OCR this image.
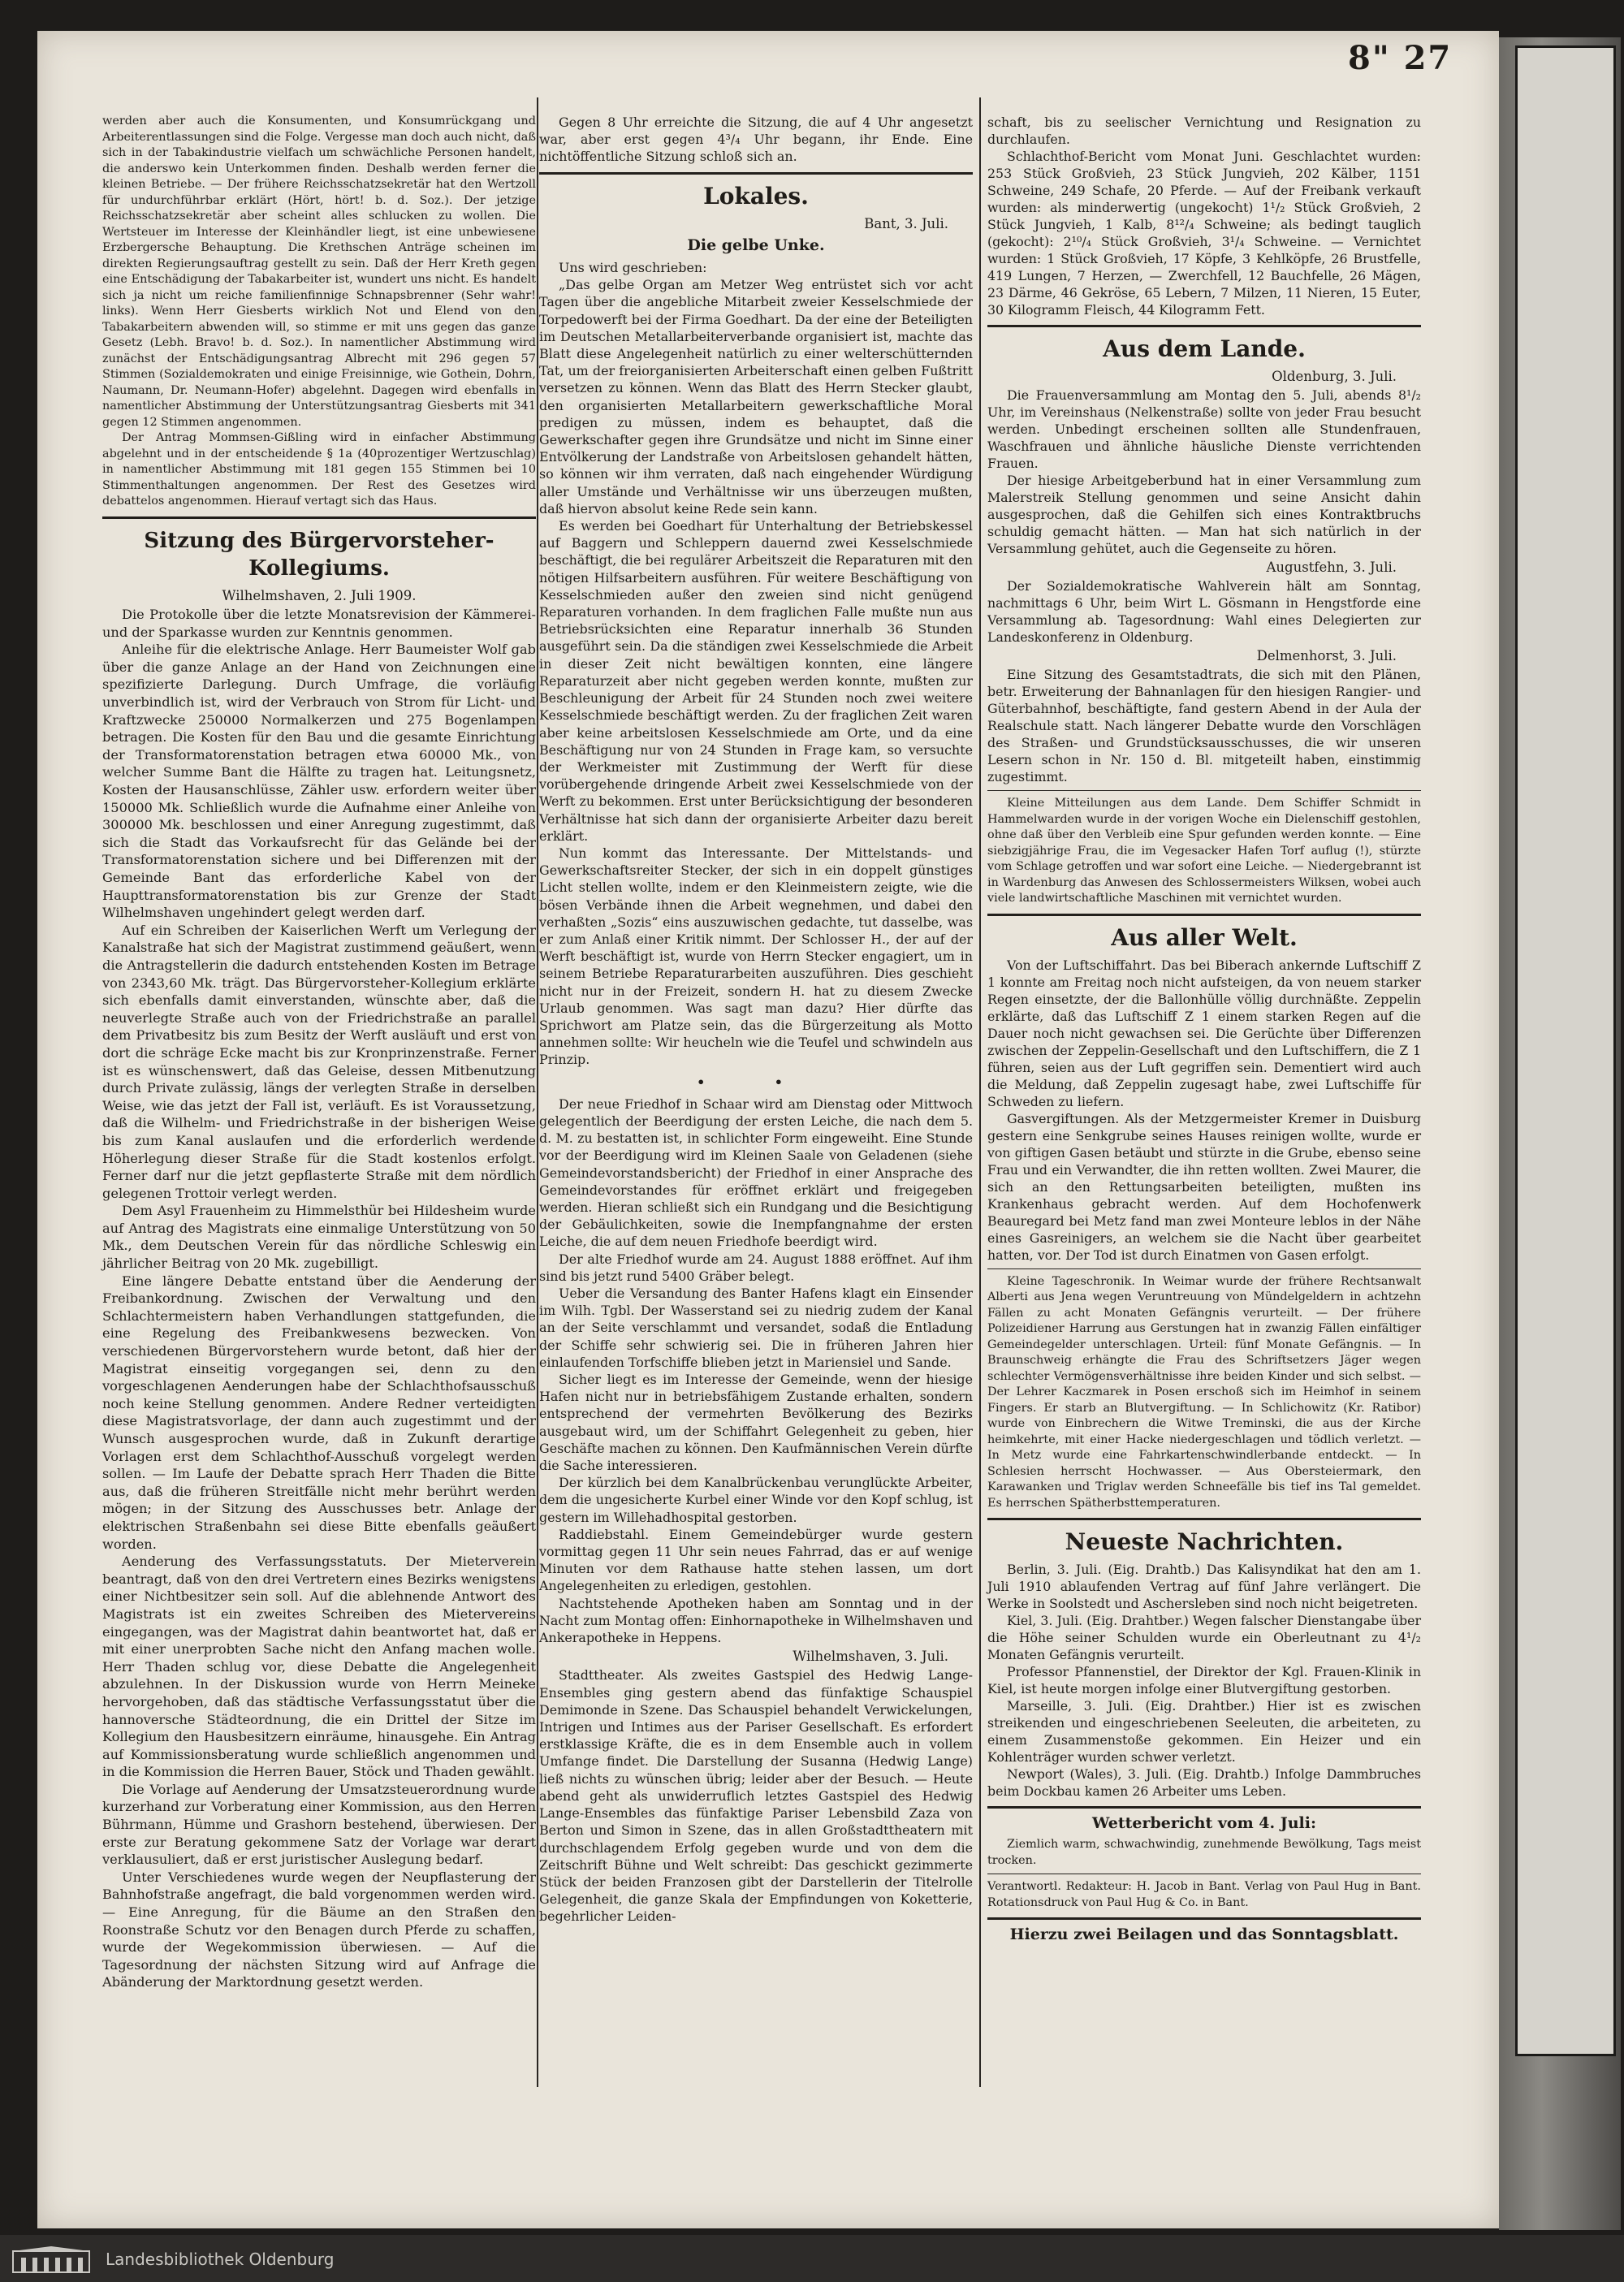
8" 27
werden aber auch die Konsumenten, und Konsumrückgang und Arbeiterentlassungen sind die Folge. Vergesse man doch auch nicht, daß sich in der Tabakindustrie vielfach um schwächliche Personen handelt, die anderswo kein Unterkommen finden. Deshalb werden ferner die kleinen Betriebe. — Der frühere Reichsschatzsekretär hat den Wertzoll für undurchführbar erklärt (Hört, hört! b. d. Soz.). Der jetzige Reichsschatzsekretär aber scheint alles schlucken zu wollen. Die Wertsteuer im Interesse der Kleinhändler liegt, ist eine unbewiesene Erzbergersche Behauptung. Die Krethschen Anträge scheinen im direkten Regierungsauftrag gestellt zu sein. Daß der Herr Kreth gegen eine Entschädigung der Tabakarbeiter ist, wundert uns nicht. Es handelt sich ja nicht um reiche familienfinnige Schnapsbrenner (Sehr wahr! links). Wenn Herr Giesberts wirklich Not und Elend von den Tabakarbeitern abwenden will, so stimme er mit uns gegen das ganze Gesetz (Lebh. Bravo! b. d. Soz.). In namentlicher Abstimmung wird zunächst der Entschädigungsantrag Albrecht mit 296 gegen 57 Stimmen (Sozialdemokraten und einige Freisinnige, wie Gothein, Dohrn, Naumann, Dr. Neumann-Hofer) abgelehnt. Dagegen wird ebenfalls in namentlicher Abstimmung der Unterstützungsantrag Giesberts mit 341 gegen 12 Stimmen angenommen.
Der Antrag Mommsen-Gißling wird in einfacher Abstimmung abgelehnt und in der entscheidende § 1a (40prozentiger Wertzuschlag) in namentlicher Abstimmung mit 181 gegen 155 Stimmen bei 10 Stimmenthaltungen angenommen. Der Rest des Gesetzes wird debattelos angenommen. Hierauf vertagt sich das Haus.
Sitzung des Bürgervorsteher-Kollegiums.
Wilhelmshaven, 2. Juli 1909.

Die Protokolle über die letzte Monatsrevision der Kämmerei- und der Sparkasse wurden zur Kenntnis genommen.

Anleihe für die elektrische Anlage. Herr Baumeister Wolf gab über die ganze Anlage an der Hand von Zeichnungen eine spezifizierte Darlegung. Durch Umfrage, die vorläufig unverbindlich ist, wird der Verbrauch von Strom für Licht- und Kraftzwecke 250000 Normalkerzen und 275 Bogenlampen betragen. Die Kosten für den Bau und die gesamte Einrichtung der Transformatorenstation betragen etwa 60000 Mk., von welcher Summe Bant die Hälfte zu tragen hat. Leitungsnetz, Kosten der Hausanschlüsse, Zähler usw. erfordern weiter über 150000 Mk. Schließlich wurde die Aufnahme einer Anleihe von 300000 Mk. beschlossen und einer Anregung zugestimmt, daß sich die Stadt das Vorkaufsrecht für das Gelände bei der Transformatorenstation sichere und bei Differenzen mit der Gemeinde Bant das erforderliche Kabel von der Haupttransformatorenstation bis zur Grenze der Stadt Wilhelmshaven ungehindert gelegt werden darf.

Auf ein Schreiben der Kaiserlichen Werft um Verlegung der Kanalstraße hat sich der Magistrat zustimmend geäußert, wenn die Antragstellerin die dadurch entstehenden Kosten im Betrage von 2343,60 Mk. trägt. Das Bürgervorsteher-Kollegium erklärte sich ebenfalls damit einverstanden, wünschte aber, daß die neuverlegte Straße auch von der Friedrichstraße an parallel dem Privatbesitz bis zum Besitz der Werft ausläuft und erst von dort die schräge Ecke macht bis zur Kronprinzenstraße. Ferner ist es wünschenswert, daß das Geleise, dessen Mitbenutzung durch Private zulässig, längs der verlegten Straße in derselben Weise, wie das jetzt der Fall ist, verläuft. Es ist Voraussetzung, daß die Wilhelm- und Friedrichstraße in der bisherigen Weise bis zum Kanal auslaufen und die erforderlich werdende Höherlegung dieser Straße für die Stadt kostenlos erfolgt. Ferner darf nur die jetzt gepflasterte Straße mit dem nördlich gelegenen Trottoir verlegt werden.

Dem Asyl Frauenheim zu Himmelsthür bei Hildesheim wurde auf Antrag des Magistrats eine einmalige Unterstützung von 50 Mk., dem Deutschen Verein für das nördliche Schleswig ein jährlicher Beitrag von 20 Mk. zugebilligt.

Eine längere Debatte entstand über die Aenderung der Freibankordnung. Zwischen der Verwaltung und den Schlachtermeistern haben Verhandlungen stattgefunden, die eine Regelung des Freibankwesens bezwecken. Von verschiedenen Bürgervorstehern wurde betont, daß hier der Magistrat einseitig vorgegangen sei, denn zu den vorgeschlagenen Aenderungen habe der Schlachthofsausschuß noch keine Stellung genommen. Andere Redner verteidigten diese Magistratsvorlage, der dann auch zugestimmt und der Wunsch ausgesprochen wurde, daß in Zukunft derartige Vorlagen erst dem Schlachthof-Ausschuß vorgelegt werden sollen. — Im Laufe der Debatte sprach Herr Thaden die Bitte aus, daß die früheren Streitfälle nicht mehr berührt werden mögen; in der Sitzung des Ausschusses betr. Anlage der elektrischen Straßenbahn sei diese Bitte ebenfalls geäußert worden.

Aenderung des Verfassungsstatuts. Der Mieterverein beantragt, daß von den drei Vertretern eines Bezirks wenigstens einer Nichtbesitzer sein soll. Auf die ablehnende Antwort des Magistrats ist ein zweites Schreiben des Mietervereins eingegangen, was der Magistrat dahin beantwortet hat, daß er mit einer unerprobten Sache nicht den Anfang machen wolle. Herr Thaden schlug vor, diese Debatte die Angelegenheit abzulehnen. In der Diskussion wurde von Herrn Meineke hervorgehoben, daß das städtische Verfassungsstatut über die hannoversche Städteordnung, die ein Drittel der Sitze im Kollegium den Hausbesitzern einräume, hinausgehe. Ein Antrag auf Kommissionsberatung wurde schließlich angenommen und in die Kommission die Herren Bauer, Stöck und Thaden gewählt.

Die Vorlage auf Aenderung der Umsatzsteuerordnung wurde kurzerhand zur Vorberatung einer Kommission, aus den Herren Bührmann, Hümme und Grashorn bestehend, überwiesen. Der erste zur Beratung gekommene Satz der Vorlage war derart verklausuliert, daß er erst juristischer Auslegung bedarf.

Unter Verschiedenes wurde wegen der Neupflasterung der Bahnhofstraße angefragt, die bald vorgenommen werden wird. — Eine Anregung, für die Bäume an den Straßen den Roonstraße Schutz vor den Benagen durch Pferde zu schaffen, wurde der Wegekommission überwiesen. — Auf die Tagesordnung der nächsten Sitzung wird auf Anfrage die Abänderung der Marktordnung gesetzt werden.

Gegen 8 Uhr erreichte die Sitzung, die auf 4 Uhr angesetzt war, aber erst gegen 4³/₄ Uhr begann, ihr Ende. Eine nichtöffentliche Sitzung schloß sich an.

Lokales.
Bant, 3. Juli.
Die gelbe Unke.

Uns wird geschrieben:

„Das gelbe Organ am Metzer Weg entrüstet sich vor acht Tagen über die angebliche Mitarbeit zweier Kesselschmiede der Torpedowerft bei der Firma Goedhart. Da der eine der Beteiligten im Deutschen Metallarbeiterverbande organisiert ist, machte das Blatt diese Angelegenheit natürlich zu einer welterschütternden Tat, um der freiorganisierten Arbeiterschaft einen gelben Fußtritt versetzen zu können. Wenn das Blatt des Herrn Stecker glaubt, den organisierten Metallarbeitern gewerkschaftliche Moral predigen zu müssen, indem es behauptet, daß die Gewerkschafter gegen ihre Grundsätze und nicht im Sinne einer Entvölkerung der Landstraße von Arbeitslosen gehandelt hätten, so können wir ihm verraten, daß nach eingehender Würdigung aller Umstände und Verhältnisse wir uns überzeugen mußten, daß hiervon absolut keine Rede sein kann.

Es werden bei Goedhart für Unterhaltung der Betriebskessel auf Baggern und Schleppern dauernd zwei Kesselschmiede beschäftigt, die bei regulärer Arbeitszeit die Reparaturen mit den nötigen Hilfsarbeitern ausführen. Für weitere Beschäftigung von Kesselschmieden außer den zweien sind nicht genügend Reparaturen vorhanden. In dem fraglichen Falle mußte nun aus Betriebsrücksichten eine Reparatur innerhalb 36 Stunden ausgeführt sein. Da die ständigen zwei Kesselschmiede die Arbeit in dieser Zeit nicht bewältigen konnten, eine längere Reparaturzeit aber nicht gegeben werden konnte, mußten zur Beschleunigung der Arbeit für 24 Stunden noch zwei weitere Kesselschmiede beschäftigt werden. Zu der fraglichen Zeit waren aber keine arbeitslosen Kesselschmiede am Orte, und da eine Beschäftigung nur von 24 Stunden in Frage kam, so versuchte der Werkmeister mit Zustimmung der Werft für diese vorübergehende dringende Arbeit zwei Kesselschmiede von der Werft zu bekommen. Erst unter Berücksichtigung der besonderen Verhältnisse hat sich dann der organisierte Arbeiter dazu bereit erklärt.

Nun kommt das Interessante. Der Mittelstands- und Gewerkschaftsreiter Stecker, der sich in ein doppelt günstiges Licht stellen wollte, indem er den Kleinmeistern zeigte, wie die bösen Verbände ihnen die Arbeit wegnehmen, und dabei den verhaßten „Sozis“ eins auszuwischen gedachte, tut dasselbe, was er zum Anlaß einer Kritik nimmt. Der Schlosser H., der auf der Werft beschäftigt ist, wurde von Herrn Stecker engagiert, um in seinem Betriebe Reparaturarbeiten auszuführen. Dies geschieht nicht nur in der Freizeit, sondern H. hat zu diesem Zwecke Urlaub genommen. Was sagt man dazu? Hier dürfte das Sprichwort am Platze sein, das die Bürgerzeitung als Motto annehmen sollte: Wir heucheln wie die Teufel und schwindeln aus Prinzip.

• •

Der neue Friedhof in Schaar wird am Dienstag oder Mittwoch gelegentlich der Beerdigung der ersten Leiche, die nach dem 5. d. M. zu bestatten ist, in schlichter Form eingeweiht. Eine Stunde vor der Beerdigung wird im Kleinen Saale von Geladenen (siehe Gemeindevorstandsbericht) der Friedhof in einer Ansprache des Gemeindevorstandes für eröffnet erklärt und freigegeben werden. Hieran schließt sich ein Rundgang und die Besichtigung der Gebäulichkeiten, sowie die Inempfangnahme der ersten Leiche, die auf dem neuen Friedhofe beerdigt wird.

Der alte Friedhof wurde am 24. August 1888 eröffnet. Auf ihm sind bis jetzt rund 5400 Gräber belegt.

Ueber die Versandung des Banter Hafens klagt ein Einsender im Wilh. Tgbl. Der Wasserstand sei zu niedrig zudem der Kanal an der Seite verschlammt und versandet, sodaß die Entladung der Schiffe sehr schwierig sei. Die in früheren Jahren hier einlaufenden Torfschiffe blieben jetzt in Mariensiel und Sande.

Sicher liegt es im Interesse der Gemeinde, wenn der hiesige Hafen nicht nur in betriebsfähigem Zustande erhalten, sondern entsprechend der vermehrten Bevölkerung des Bezirks ausgebaut wird, um der Schiffahrt Gelegenheit zu geben, hier Geschäfte machen zu können. Den Kaufmännischen Verein dürfte die Sache interessieren.

Der kürzlich bei dem Kanalbrückenbau verunglückte Arbeiter, dem die ungesicherte Kurbel einer Winde vor den Kopf schlug, ist gestern im Willehadhospital gestorben.

Raddiebstahl. Einem Gemeindebürger wurde gestern vormittag gegen 11 Uhr sein neues Fahrrad, das er auf wenige Minuten vor dem Rathause hatte stehen lassen, um dort Angelegenheiten zu erledigen, gestohlen.

Nachtstehende Apotheken haben am Sonntag und in der Nacht zum Montag offen: Einhornapotheke in Wilhelmshaven und Ankerapotheke in Heppens.

Wilhelmshaven, 3. Juli.

Stadttheater. Als zweites Gastspiel des Hedwig Lange-Ensembles ging gestern abend das fünfaktige Schauspiel Demimonde in Szene. Das Schauspiel behandelt Verwickelungen, Intrigen und Intimes aus der Pariser Gesellschaft. Es erfordert erstklassige Kräfte, die es in dem Ensemble auch in vollem Umfange findet. Die Darstellung der Susanna (Hedwig Lange) ließ nichts zu wünschen übrig; leider aber der Besuch. — Heute abend geht als unwiderruflich letztes Gastspiel des Hedwig Lange-Ensembles das fünfaktige Pariser Lebensbild Zaza von Berton und Simon in Szene, das in allen Großstadttheatern mit durchschlagendem Erfolg gegeben wurde und von dem die Zeitschrift Bühne und Welt schreibt: Das geschickt gezimmerte Stück der beiden Franzosen gibt der Darstellerin der Titelrolle Gelegenheit, die ganze Skala der Empfindungen von Koketterie, begehrlicher Leiden-

schaft, bis zu seelischer Vernichtung und Resignation zu durchlaufen.

Schlachthof-Bericht vom Monat Juni. Geschlachtet wurden: 253 Stück Großvieh, 23 Stück Jungvieh, 202 Kälber, 1151 Schweine, 249 Schafe, 20 Pferde. — Auf der Freibank verkauft wurden: als minderwertig (ungekocht) 1¹/₂ Stück Großvieh, 2 Stück Jungvieh, 1 Kalb, 8¹²/₄ Schweine; als bedingt tauglich (gekocht): 2¹⁰/₄ Stück Großvieh, 3¹/₄ Schweine. — Vernichtet wurden: 1 Stück Großvieh, 17 Köpfe, 3 Kehlköpfe, 26 Brustfelle, 419 Lungen, 7 Herzen, — Zwerchfell, 12 Bauchfelle, 26 Mägen, 23 Därme, 46 Gekröse, 65 Lebern, 7 Milzen, 11 Nieren, 15 Euter, 30 Kilogramm Fleisch, 44 Kilogramm Fett.

Aus dem Lande.
Oldenburg, 3. Juli.

Die Frauenversammlung am Montag den 5. Juli, abends 8¹/₂ Uhr, im Vereinshaus (Nelkenstraße) sollte von jeder Frau besucht werden. Unbedingt erscheinen sollten alle Stundenfrauen, Waschfrauen und ähnliche häusliche Dienste verrichtenden Frauen.

Der hiesige Arbeitgeberbund hat in einer Versammlung zum Malerstreik Stellung genommen und seine Ansicht dahin ausgesprochen, daß die Gehilfen sich eines Kontraktbruchs schuldig gemacht hätten. — Man hat sich natürlich in der Versammlung gehütet, auch die Gegenseite zu hören.

Augustfehn, 3. Juli.

Der Sozialdemokratische Wahlverein hält am Sonntag, nachmittags 6 Uhr, beim Wirt L. Gösmann in Hengstforde eine Versammlung ab. Tagesordnung: Wahl eines Delegierten zur Landeskonferenz in Oldenburg.

Delmenhorst, 3. Juli.

Eine Sitzung des Gesamtstadtrats, die sich mit den Plänen, betr. Erweiterung der Bahnanlagen für den hiesigen Rangier- und Güterbahnhof, beschäftigte, fand gestern Abend in der Aula der Realschule statt. Nach längerer Debatte wurde den Vorschlägen des Straßen- und Grundstücksausschusses, die wir unseren Lesern schon in Nr. 150 d. Bl. mitgeteilt haben, einstimmig zugestimmt.

Kleine Mitteilungen aus dem Lande. Dem Schiffer Schmidt in Hammelwarden wurde in der vorigen Woche ein Dielenschiff gestohlen, ohne daß über den Verbleib eine Spur gefunden werden konnte. — Eine siebzigjährige Frau, die im Vegesacker Hafen Torf auflug (!), stürzte vom Schlage getroffen und war sofort eine Leiche. — Niedergebrannt ist in Wardenburg das Anwesen des Schlossermeisters Wilksen, wobei auch viele landwirtschaftliche Maschinen mit vernichtet wurden.

Aus aller Welt.

Von der Luftschiffahrt. Das bei Biberach ankernde Luftschiff Z 1 konnte am Freitag noch nicht aufsteigen, da von neuem starker Regen einsetzte, der die Ballonhülle völlig durchnäßte. Zeppelin erklärte, daß das Luftschiff Z 1 einem starken Regen auf die Dauer noch nicht gewachsen sei. Die Gerüchte über Differenzen zwischen der Zeppelin-Gesellschaft und den Luftschiffern, die Z 1 führen, seien aus der Luft gegriffen sein. Dementiert wird auch die Meldung, daß Zeppelin zugesagt habe, zwei Luftschiffe für Schweden zu liefern.

Gasvergiftungen. Als der Metzgermeister Kremer in Duisburg gestern eine Senkgrube seines Hauses reinigen wollte, wurde er von giftigen Gasen betäubt und stürzte in die Grube, ebenso seine Frau und ein Verwandter, die ihn retten wollten. Zwei Maurer, die sich an den Rettungsarbeiten beteiligten, mußten ins Krankenhaus gebracht werden. Auf dem Hochofenwerk Beauregard bei Metz fand man zwei Monteure leblos in der Nähe eines Gasreinigers, an welchem sie die Nacht über gearbeitet hatten, vor. Der Tod ist durch Einatmen von Gasen erfolgt.

Kleine Tageschronik. In Weimar wurde der frühere Rechtsanwalt Alberti aus Jena wegen Veruntreuung von Mündelgeldern in achtzehn Fällen zu acht Monaten Gefängnis verurteilt. — Der frühere Polizeidiener Harrung aus Gerstungen hat in zwanzig Fällen einfältiger Gemeindegelder unterschlagen. Urteil: fünf Monate Gefängnis. — In Braunschweig erhängte die Frau des Schriftsetzers Jäger wegen schlechter Vermögensverhältnisse ihre beiden Kinder und sich selbst. — Der Lehrer Kaczmarek in Posen erschoß sich im Heimhof in seinem Fingers. Er starb an Blutvergiftung. — In Schlichowitz (Kr. Ratibor) wurde von Einbrechern die Witwe Treminski, die aus der Kirche heimkehrte, mit einer Hacke niedergeschlagen und tödlich verletzt. — In Metz wurde eine Fahrkartenschwindlerbande entdeckt. — In Schlesien herrscht Hochwasser. — Aus Obersteiermark, den Karawanken und Triglav werden Schneefälle bis tief ins Tal gemeldet. Es herrschen Spätherbsttemperaturen.

Neueste Nachrichten.

Berlin, 3. Juli. (Eig. Drahtb.) Das Kalisyndikat hat den am 1. Juli 1910 ablaufenden Vertrag auf fünf Jahre verlängert. Die Werke in Soolstedt und Aschersleben sind noch nicht beigetreten.

Kiel, 3. Juli. (Eig. Drahtber.) Wegen falscher Dienstangabe über die Höhe seiner Schulden wurde ein Oberleutnant zu 4¹/₂ Monaten Gefängnis verurteilt.

Professor Pfannenstiel, der Direktor der Kgl. Frauen-Klinik in Kiel, ist heute morgen infolge einer Blutvergiftung gestorben.

Marseille, 3. Juli. (Eig. Drahtber.) Hier ist es zwischen streikenden und eingeschriebenen Seeleuten, die arbeiteten, zu einem Zusammenstoße gekommen. Ein Heizer und ein Kohlenträger wurden schwer verletzt.

Newport (Wales), 3. Juli. (Eig. Drahtb.) Infolge Dammbruches beim Dockbau kamen 26 Arbeiter ums Leben.

Wetterbericht vom 4. Juli:

Ziemlich warm, schwachwindig, zunehmende Bewölkung, Tags meist trocken.

Verantwortl. Redakteur: H. Jacob in Bant. Verlag von Paul Hug in Bant. Rotationsdruck von Paul Hug & Co. in Bant.

Hierzu zwei Beilagen und das Sonntagsblatt.
Landesbibliothek Oldenburg
